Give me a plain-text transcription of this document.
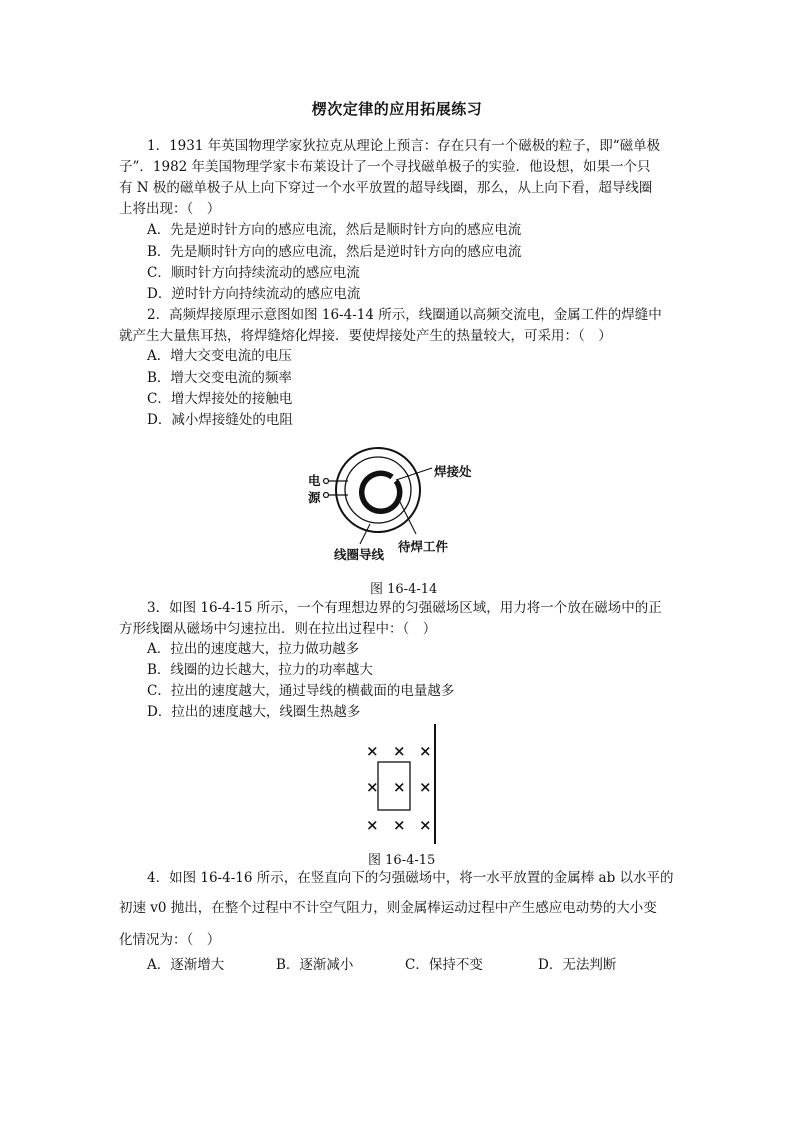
楞次定律的应用拓展练习
1．1931 年英国物理学家狄拉克从理论上预言：存在只有一个磁极的粒子，即“磁单极
子”．1982 年美国物理学家卡布莱设计了一个寻找磁单极子的实验．他设想，如果一个只
有 N 极的磁单极子从上向下穿过一个水平放置的超导线圈，那么，从上向下看，超导线圈
上将出现：（　）
A．先是逆时针方向的感应电流，然后是顺时针方向的感应电流
B．先是顺时针方向的感应电流，然后是逆时针方向的感应电流
C．顺时针方向持续流动的感应电流
D．逆时针方向持续流动的感应电流
2．高频焊接原理示意图如图 16-4-14 所示，线圈通以高频交流电，金属工件的焊缝中
就产生大量焦耳热，将焊缝熔化焊接．要使焊接处产生的热量较大，可采用：（　）
A．增大交变电流的电压
B．增大交变电流的频率
C．增大焊接处的接触电
D．减小焊接缝处的电阻
电
源
焊接处
线圈导线
待焊工件
图 16-4-14
3．如图 16-4-15 所示，一个有理想边界的匀强磁场区域，用力将一个放在磁场中的正
方形线圈从磁场中匀速拉出．则在拉出过程中：（　）
A．拉出的速度越大，拉力做功越多
B．线圈的边长越大，拉力的功率越大
C．拉出的速度越大，通过导线的横截面的电量越多
D．拉出的速度越大，线圈生热越多
× × ×
× × ×
× × ×
图 16-4-15
4．如图 16-4-16 所示，在竖直向下的匀强磁场中，将一水平放置的金属棒 ab 以水平的
初速 v0 抛出，在整个过程中不计空气阻力，则金属棒运动过程中产生感应电动势的大小变
化情况为：（　）
A．逐渐增大	B．逐渐减小	C．保持不变	D．无法判断
